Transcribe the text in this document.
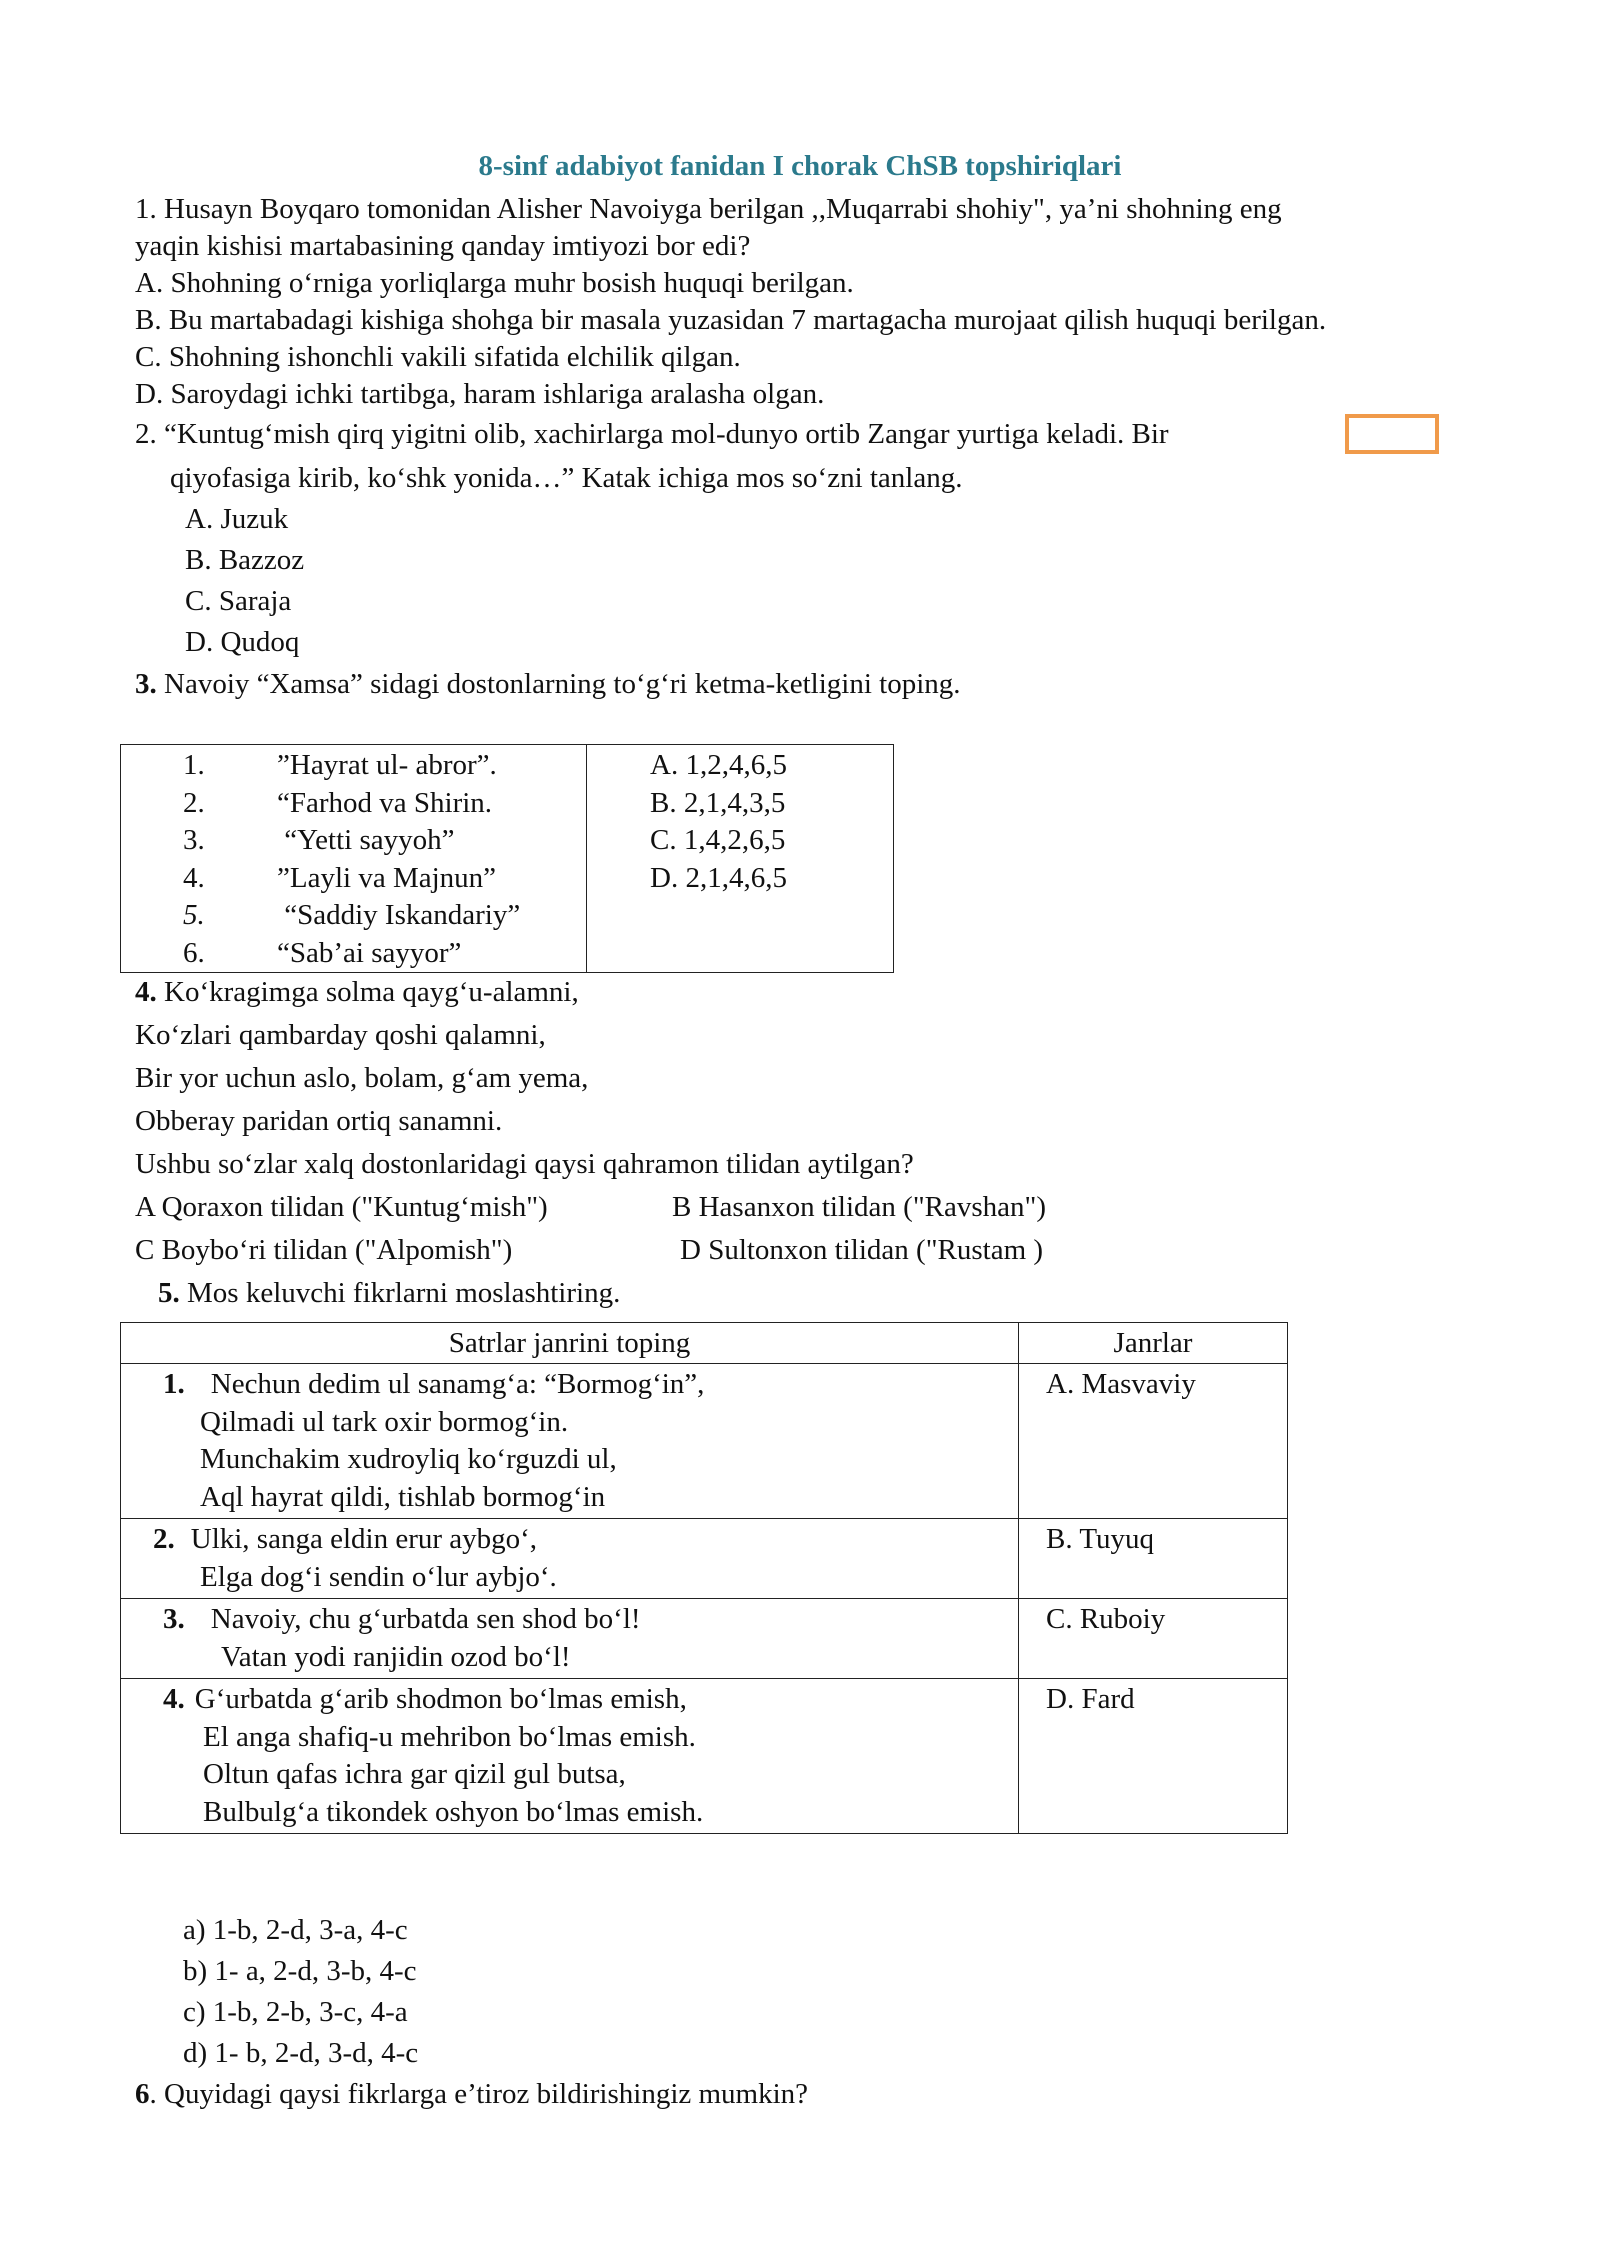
8-sinf adabiyot fanidan I chorak ChSB topshiriqlari
1. Husayn Boyqaro tomonidan Alisher Navoiyga berilgan ,,Muqarrabi shohiy", ya’ni shohning eng
yaqin kishisi martabasining qanday imtiyozi bor edi?
A. Shohning o‘rniga yorliqlarga muhr bosish huquqi berilgan.
B. Bu martabadagi kishiga shohga bir masala yuzasidan 7 martagacha murojaat qilish huquqi berilgan.
C. Shohning ishonchli vakili sifatida elchilik qilgan.
D. Saroydagi ichki tartibga, haram ishlariga aralasha olgan.
2. “Kuntug‘mish qirq yigitni olib, xachirlarga mol-dunyo ortib Zangar yurtiga keladi. Bir
qiyofasiga kirib, ko‘shk yonida…” Katak ichiga mos so‘zni tanlang.
A. Juzuk
B. Bazzoz
C. Saraja
D. Qudoq
3. Navoiy “Xamsa” sidagi dostonlarning to‘g‘ri ketma-ketligini toping.
1. ”Hayrat ul- abror”.
2. “Farhod va Shirin.
3. “Yetti sayyoh”
4. ”Layli va Majnun”
5. “Saddiy Iskandariy”
6. “Sab’ai sayyor”

A. 1,2,4,6,5
B. 2,1,4,3,5
C. 1,4,2,6,5
D. 2,1,4,6,5
4. Ko‘kragimga solma qayg‘u-alamni,
Ko‘zlari qambarday qoshi qalamni,
Bir yor uchun aslo, bolam, g‘am yema,
Obberay paridan ortiq sanamni.
Ushbu so‘zlar xalq dostonlaridagi qaysi qahramon tilidan aytilgan?
A Qoraxon tilidan ("Kuntug‘mish")	B Hasanxon tilidan ("Ravshan")
C Boybo‘ri tilidan ("Alpomish")	D Sultonxon tilidan ("Rustam )
5. Mos keluvchi fikrlarni moslashtiring.
Satrlar janrini toping	Janrlar

1. Nechun dedim ul sanamg‘a: “Bormog‘in”,
Qilmadi ul tark oxir bormog‘in.
Munchakim xudroyliq ko‘rguzdi ul,
Aql hayrat qildi, tishlab bormog‘in	A. Masvaviy

2. Ulki, sanga eldin erur aybgo‘,
Elga dog‘i sendin o‘lur aybjo‘.	B. Tuyuq

3. Navoiy, chu g‘urbatda sen shod bo‘l!
Vatan yodi ranjidin ozod bo‘l!	C. Ruboiy

4. G‘urbatda g‘arib shodmon bo‘lmas emish,
El anga shafiq-u mehribon bo‘lmas emish.
Oltun qafas ichra gar qizil gul butsa,
Bulbulg‘a tikondek oshyon bo‘lmas emish.	D. Fard
a) 1-b, 2-d, 3-a, 4-c
b) 1- a, 2-d, 3-b, 4-c
c) 1-b, 2-b, 3-c, 4-a
d) 1- b, 2-d, 3-d, 4-c
6. Quyidagi qaysi fikrlarga e’tiroz bildirishingiz mumkin?
